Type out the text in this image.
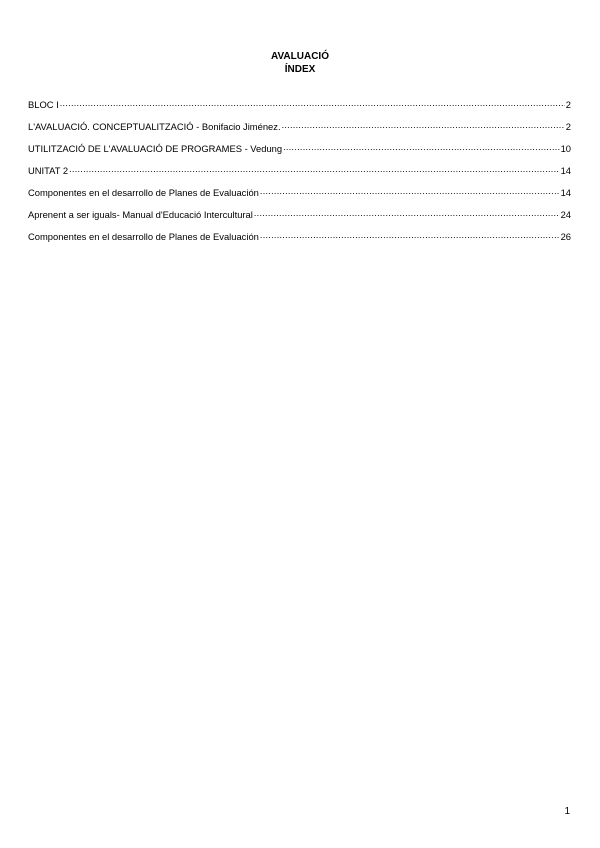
AVALUACIÓ
ÍNDEX
BLOC I .....	2
L'AVALUACIÓ. CONCEPTUALITZACIÓ - Bonifacio Jiménez. .....	2
UTILITZACIÓ DE L'AVALUACIÓ DE PROGRAMES - Vedung .....	10
UNITAT 2 .....	14
Componentes en el desarrollo de Planes de Evaluación .....	14
Aprenent a ser iguals- Manual d'Educació Intercultural .....	24
Componentes en el desarrollo de Planes de Evaluación .....	26
1
